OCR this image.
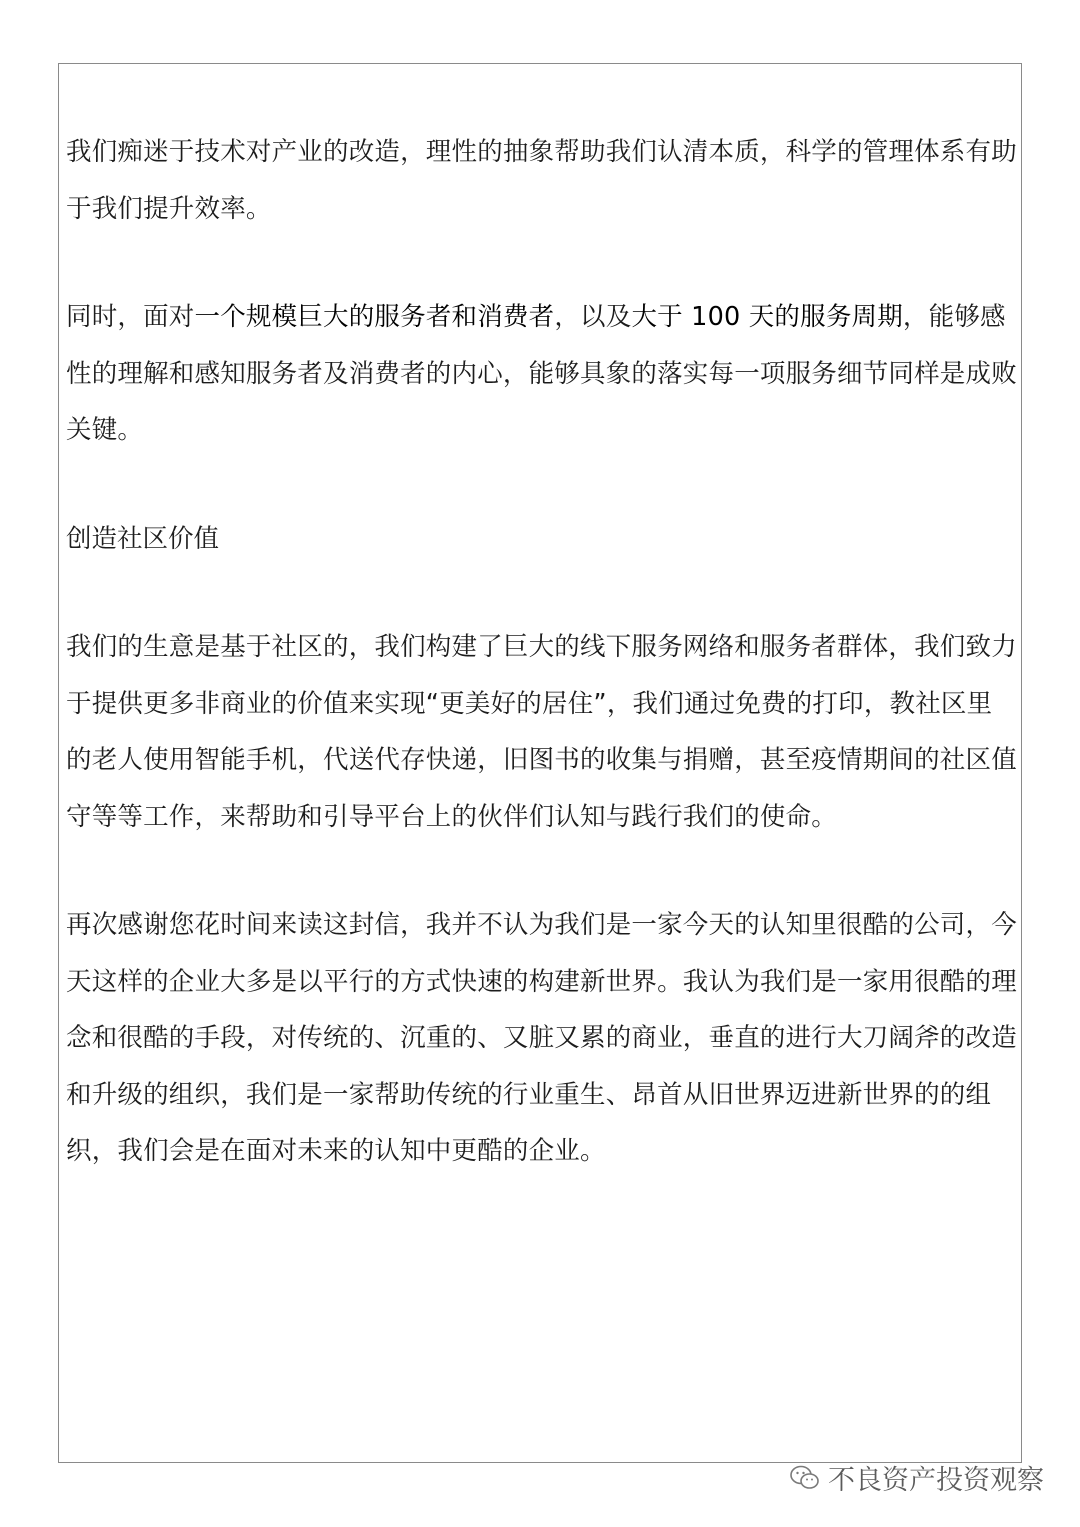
我们痴迷于技术对产业的改造，理性的抽象帮助我们认清本质，科学的管理体系有助于我们提升效率。

同时，面对一个规模巨大的服务者和消费者，以及大于 100 天的服务周期，能够感性的理解和感知服务者及消费者的内心，能够具象的落实每一项服务细节同样是成败关键。

创造社区价值

我们的生意是基于社区的，我们构建了巨大的线下服务网络和服务者群体，我们致力于提供更多非商业的价值来实现“更美好的居住”，我们通过免费的打印，教社区里的老人使用智能手机，代送代存快递，旧图书的收集与捐赠，甚至疫情期间的社区值守等等工作，来帮助和引导平台上的伙伴们认知与践行我们的使命。

再次感谢您花时间来读这封信，我并不认为我们是一家今天的认知里很酷的公司，今天这样的企业大多是以平行的方式快速的构建新世界。我认为我们是一家用很酷的理念和很酷的手段，对传统的、沉重的、又脏又累的商业，垂直的进行大刀阔斧的改造和升级的组织，我们是一家帮助传统的行业重生、昂首从旧世界迈进新世界的的组织，我们会是在面对未来的认知中更酷的企业。

不良资产投资观察
